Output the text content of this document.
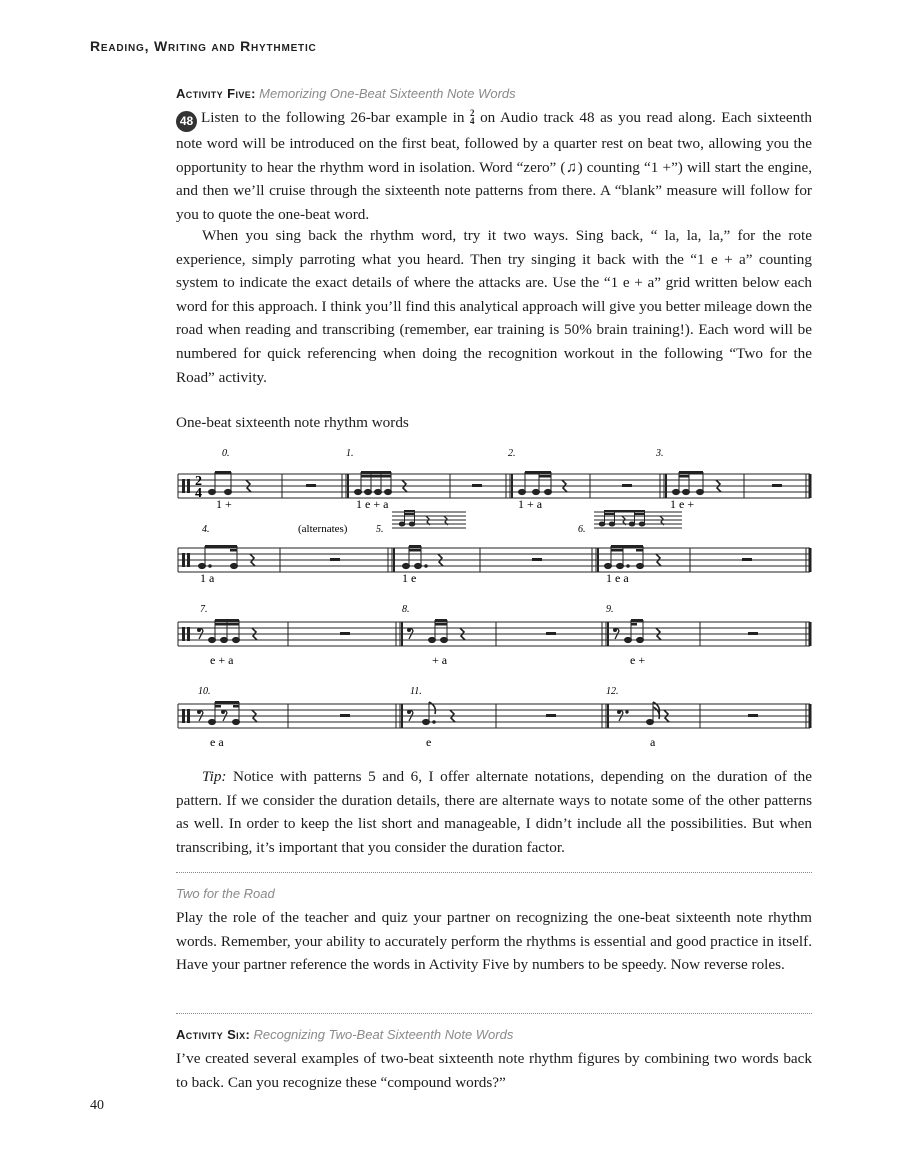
Reading, Writing and Rhythmetic
Activity Five: Memorizing One-Beat Sixteenth Note Words
48 Listen to the following 26-bar example in 2
4 on Audio track 48 as you read along. Each sixteenth note word will be introduced on the first beat, followed by a quarter rest on beat two, allowing you the opportunity to hear the rhythm word in isolation. Word “zero” (♫) counting “1 +”) will start the engine, and then we’ll cruise through the sixteenth note patterns from there. A “blank” measure will follow for you to quote the one-beat word.
When you sing back the rhythm word, try it two ways. Sing back, “ la, la, la,” for the rote experience, simply parroting what you heard. Then try singing it back with the “1 e + a” counting system to indicate the exact details of where the attacks are. Use the “1 e + a” grid written below each word for this approach. I think you’ll find this analytical approach will give you better mileage down the road when reading and transcribing (remember, ear training is 50% brain training!). Each word will be numbered for quick referencing when doing the recognition workout in the following “Two for the Road” activity.
One-beat sixteenth note rhythm words
2
4
0.
1 +
1.
1 e + a
2.
1 + a
3.
1 e +
4.
1 a
(alternates)	5.
1 e
6.
1 e a
7.
e + a
8.
+ a
9.
e +
10.
e a
11.
e
12.
a
Tip: Notice with patterns 5 and 6, I offer alternate notations, depending on the duration of the pattern. If we consider the duration details, there are alternate ways to notate some of the other patterns as well. In order to keep the list short and manageable, I didn’t include all the possibilities. But when transcribing, it’s important that you consider the duration factor.
Two for the Road
Play the role of the teacher and quiz your partner on recognizing the one-beat sixteenth note rhythm words. Remember, your ability to accurately perform the rhythms is essential and good practice in itself. Have your partner reference the words in Activity Five by numbers to be speedy. Now reverse roles.
Activity Six: Recognizing Two-Beat Sixteenth Note Words
I’ve created several examples of two-beat sixteenth note rhythm figures by combining two words back to back. Can you recognize these “compound words?”
40
